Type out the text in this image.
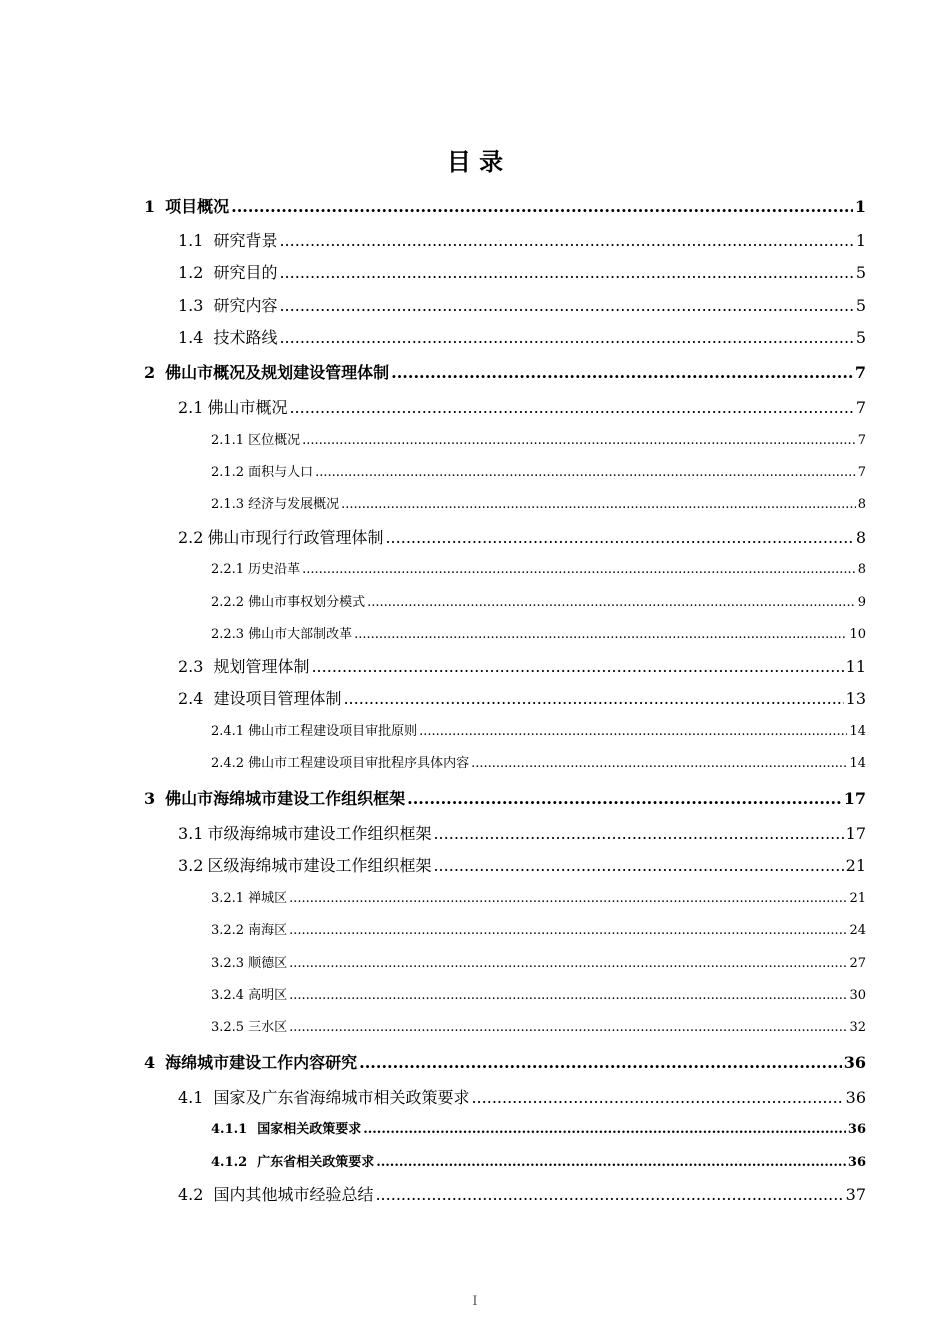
目 录
1 项目概况 .....	1
1.1 研究背景 .....	1
1.2 研究目的 .....	5
1.3 研究内容 .....	5
1.4 技术路线 .....	5
2 佛山市概况及规划建设管理体制 .....	7
2.1 佛山市概况 .....	7
2.1.1 区位概况 .....	7
2.1.2 面积与人口 .....	7
2.1.3 经济与发展概况 .....	8
2.2 佛山市现行行政管理体制 .....	8
2.2.1 历史沿革 .....	8
2.2.2 佛山市事权划分模式 .....	9
2.2.3 佛山市大部制改革 .....	10
2.3 规划管理体制 .....	11
2.4 建设项目管理体制 .....	13
2.4.1 佛山市工程建设项目审批原则 .....	14
2.4.2 佛山市工程建设项目审批程序具体内容 .....	14
3 佛山市海绵城市建设工作组织框架 .....	17
3.1 市级海绵城市建设工作组织框架 .....	17
3.2 区级海绵城市建设工作组织框架 .....	21
3.2.1 禅城区 .....	21
3.2.2 南海区 .....	24
3.2.3 顺德区 .....	27
3.2.4 高明区 .....	30
3.2.5 三水区 .....	32
4 海绵城市建设工作内容研究 .....	36
4.1 国家及广东省海绵城市相关政策要求 .....	36
4.1.1 国家相关政策要求 .....	36
4.1.2 广东省相关政策要求 .....	36
4.2 国内其他城市经验总结 .....	37
I
